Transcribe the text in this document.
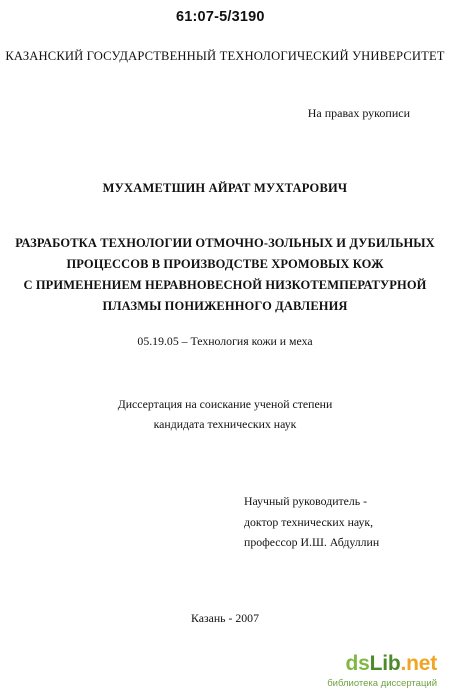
61:07-5/3190
КАЗАНСКИЙ ГОСУДАРСТВЕННЫЙ ТЕХНОЛОГИЧЕСКИЙ УНИВЕРСИТЕТ
На правах рукописи
МУХАМЕТШИН АЙРАТ МУХТАРОВИЧ
РАЗРАБОТКА ТЕХНОЛОГИИ ОТМОЧНО-ЗОЛЬНЫХ И ДУБИЛЬНЫХ
ПРОЦЕССОВ В ПРОИЗВОДСТВЕ ХРОМОВЫХ КОЖ
С ПРИМЕНЕНИЕМ НЕРАВНОВЕСНОЙ НИЗКОТЕМПЕРАТУРНОЙ
ПЛАЗМЫ ПОНИЖЕННОГО ДАВЛЕНИЯ
05.19.05 – Технология кожи и меха
Диссертация на соискание ученой степени
кандидата технических наук
Научный руководитель -
доктор технических наук,
профессор И.Ш. Абдуллин
Казань - 2007
dsLib.net
библиотека диссертаций
